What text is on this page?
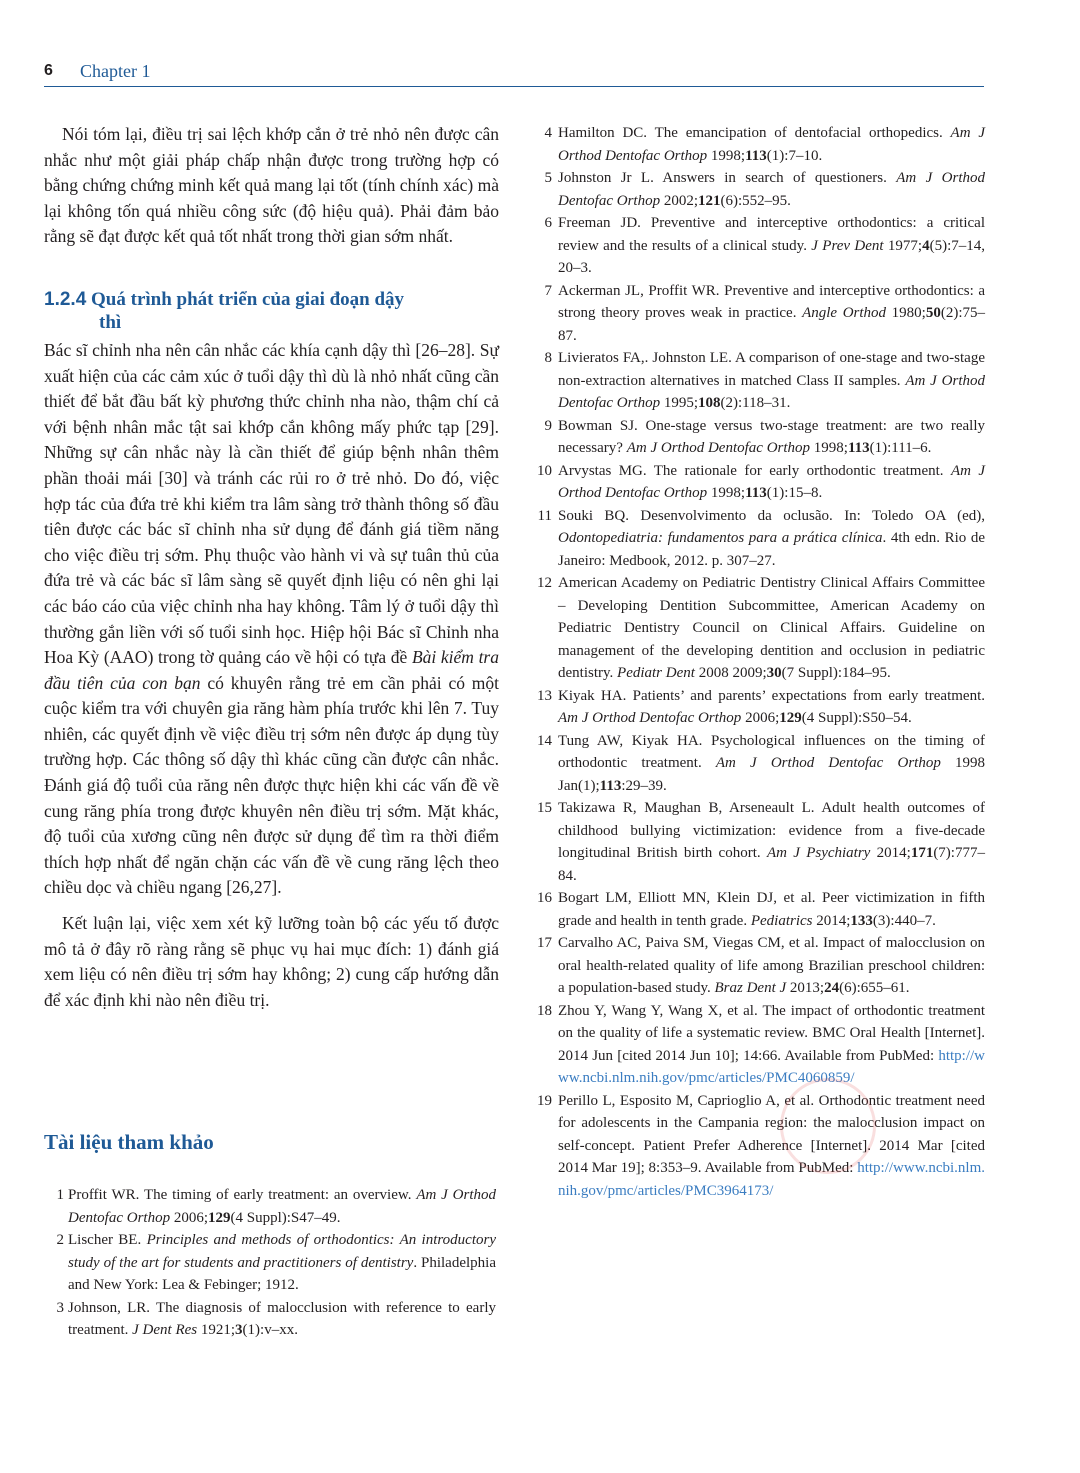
6 Chapter 1

Nói tóm lại, điều trị sai lệch khớp cắn ở trẻ nhỏ nên được cân nhắc như một giải pháp chấp nhận được trong trường hợp có bằng chứng chứng minh kết quả mang lại tốt (tính chính xác) mà lại không tốn quá nhiều công sức (độ hiệu quả). Phải đảm bảo rằng sẽ đạt được kết quả tốt nhất trong thời gian sớm nhất.

1.2.4 Quá trình phát triển của giai đoạn dậy
thì

Bác sĩ chỉnh nha nên cân nhắc các khía cạnh dậy thì [26–28]. Sự xuất hiện của các cảm xúc ở tuổi dậy thì dù là nhỏ nhất cũng cần thiết để bắt đầu bất kỳ phương thức chỉnh nha nào, thậm chí cả với bệnh nhân mắc tật sai khớp cắn không mấy phức tạp [29]. Những sự cân nhắc này là cần thiết để giúp bệnh nhân thêm phần thoải mái [30] và tránh các rủi ro ở trẻ nhỏ. Do đó, việc hợp tác của đứa trẻ khi kiểm tra lâm sàng trở thành thông số đầu tiên được các bác sĩ chỉnh nha sử dụng để đánh giá tiềm năng cho việc điều trị sớm. Phụ thuộc vào hành vi và sự tuân thủ của đứa trẻ và các bác sĩ lâm sàng sẽ quyết định liệu có nên ghi lại các báo cáo của việc chỉnh nha hay không. Tâm lý ở tuổi dậy thì thường gắn liền với số tuổi sinh học. Hiệp hội Bác sĩ Chỉnh nha Hoa Kỳ (AAO) trong tờ quảng cáo về hội có tựa đề Bài kiểm tra đầu tiên của con bạn có khuyên rằng trẻ em cần phải có một cuộc kiểm tra với chuyên gia răng hàm phía trước khi lên 7. Tuy nhiên, các quyết định về việc điều trị sớm nên được áp dụng tùy trường hợp. Các thông số dậy thì khác cũng cần được cân nhắc. Đánh giá độ tuổi của răng nên được thực hiện khi các vấn đề về cung răng phía trong được khuyên nên điều trị sớm. Mặt khác, độ tuổi của xương cũng nên được sử dụng để tìm ra thời điểm thích hợp nhất để ngăn chặn các vấn đề về cung răng lệch theo chiều dọc và chiều ngang [26,27].

Kết luận lại, việc xem xét kỹ lưỡng toàn bộ các yếu tố được mô tả ở đây rõ ràng rằng sẽ phục vụ hai mục đích: 1) đánh giá xem liệu có nên điều trị sớm hay không; 2) cung cấp hướng dẫn để xác định khi nào nên điều trị.

Tài liệu tham khảo
1 Proffit WR. The timing of early treatment: an overview. Am J Orthod Dentofac Orthop 2006;129(4 Suppl):S47–49.
2 Lischer BE. Principles and methods of orthodontics: An introductory study of the art for students and practitioners of dentistry. Philadelphia and New York: Lea & Febinger; 1912.
3 Johnson, LR. The diagnosis of malocclusion with reference to early treatment. J Dent Res 1921;3(1):v–xx.
4 Hamilton DC. The emancipation of dentofacial orthopedics. Am J Orthod Dentofac Orthop 1998;113(1):7–10.
5 Johnston Jr L. Answers in search of questioners. Am J Orthod Dentofac Orthop 2002;121(6):552–95.
6 Freeman JD. Preventive and interceptive orthodontics: a critical review and the results of a clinical study. J Prev Dent 1977;4(5):7–14, 20–3.
7 Ackerman JL, Proffit WR. Preventive and interceptive orthodontics: a strong theory proves weak in practice. Angle Orthod 1980;50(2):75–87.
8 Livieratos FA,. Johnston LE. A comparison of one-stage and two-stage non-extraction alternatives in matched Class II samples. Am J Orthod Dentofac Orthop 1995;108(2):118–31.
9 Bowman SJ. One-stage versus two-stage treatment: are two really necessary? Am J Orthod Dentofac Orthop 1998;113(1):111–6.
10 Arvystas MG. The rationale for early orthodontic treatment. Am J Orthod Dentofac Orthop 1998;113(1):15–8.
11 Souki BQ. Desenvolvimento da oclusão. In: Toledo OA (ed), Odontopediatria: fundamentos para a prática clínica. 4th edn. Rio de Janeiro: Medbook, 2012. p. 307–27.
12 American Academy on Pediatric Dentistry Clinical Affairs Committee – Developing Dentition Subcommittee, American Academy on Pediatric Dentistry Council on Clinical Affairs. Guideline on management of the developing dentition and occlusion in pediatric dentistry. Pediatr Dent 2008 2009;30(7 Suppl):184–95.
13 Kiyak HA. Patients’ and parents’ expectations from early treatment. Am J Orthod Dentofac Orthop 2006;129(4 Suppl):S50–54.
14 Tung AW, Kiyak HA. Psychological influences on the timing of orthodontic treatment. Am J Orthod Dentofac Orthop 1998 Jan(1);113:29–39.
15 Takizawa R, Maughan B, Arseneault L. Adult health outcomes of childhood bullying victimization: evidence from a five-decade longitudinal British birth cohort. Am J Psychiatry 2014;171(7):777–84.
16 Bogart LM, Elliott MN, Klein DJ, et al. Peer victimization in fifth grade and health in tenth grade. Pediatrics 2014;133(3):440–7.
17 Carvalho AC, Paiva SM, Viegas CM, et al. Impact of malocclusion on oral health-related quality of life among Brazilian preschool children: a population-based study. Braz Dent J 2013;24(6):655–61.
18 Zhou Y, Wang Y, Wang X, et al. The impact of orthodontic treatment on the quality of life a systematic review. BMC Oral Health [Internet]. 2014 Jun [cited 2014 Jun 10]; 14:66. Available from PubMed: http://www.ncbi.nlm.nih.gov/pmc/articles/PMC4060859/
19 Perillo L, Esposito M, Caprioglio A, et al. Orthodontic treatment need for adolescents in the Campania region: the malocclusion impact on self-concept. Patient Prefer Adherence [Internet]. 2014 Mar [cited 2014 Mar 19]; 8:353–9. Available from PubMed: http://www.ncbi.nlm.nih.gov/pmc/articles/PMC3964173/
